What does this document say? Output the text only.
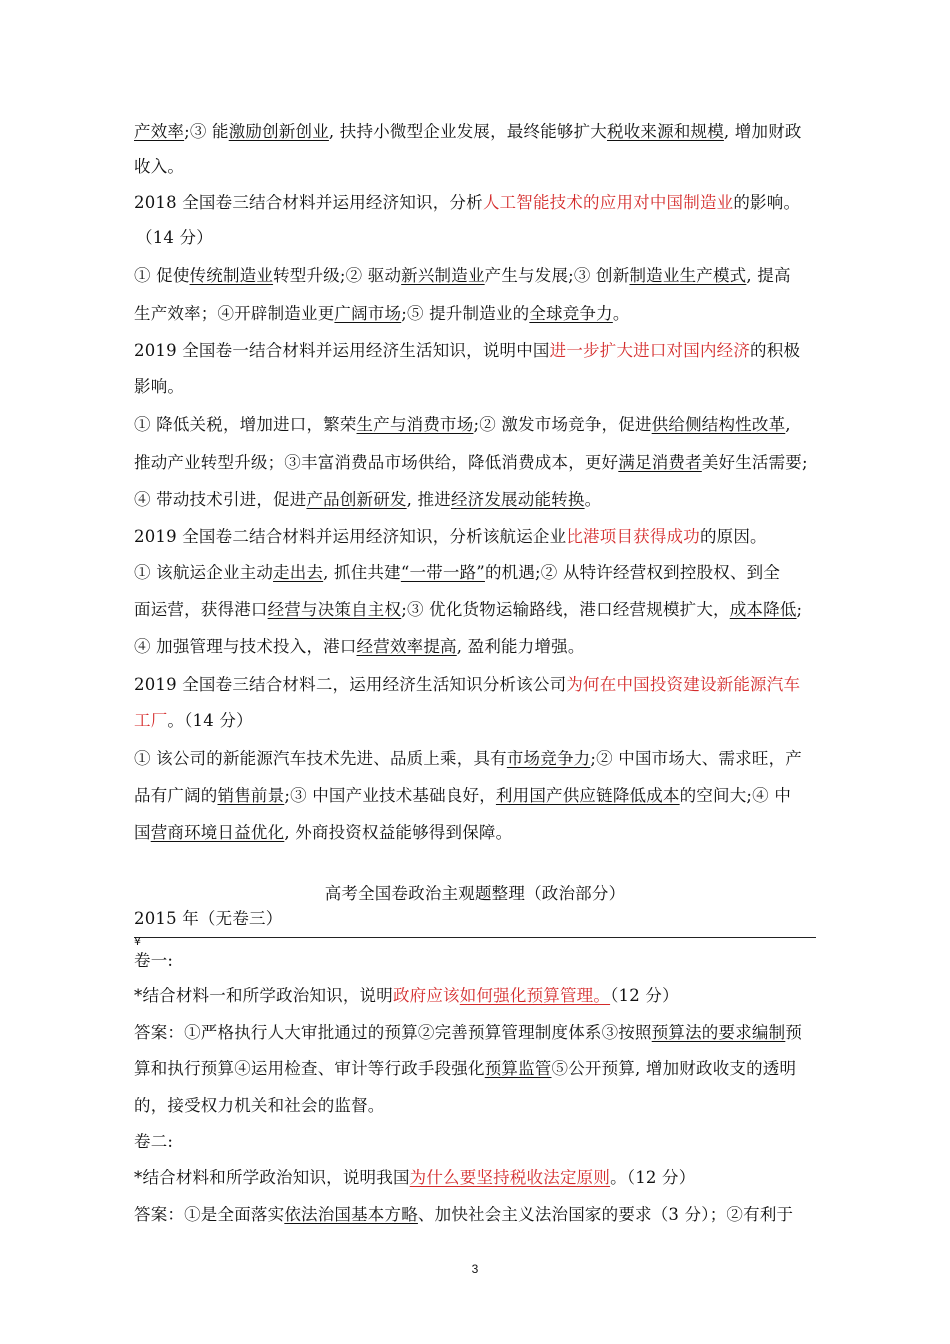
产效率;③ 能激励创新创业, 扶持小微型企业发展，最终能够扩大税收来源和规模, 增加财政
收入。
2018 全国卷三结合材料并运用经济知识，分析人工智能技术的应用对中国制造业的影响。
（14 分）
① 促使传统制造业转型升级;② 驱动新兴制造业产生与发展;③ 创新制造业生产模式, 提高
生产效率；④开辟制造业更广阔市场;⑤ 提升制造业的全球竞争力。
2019 全国卷一结合材料并运用经济生活知识，说明中国进一步扩大进口对国内经济的积极
影响。
① 降低关税，增加进口，繁荣生产与消费市场;② 激发市场竞争，促进供给侧结构性改革,
推动产业转型升级；③丰富消费品市场供给，降低消费成本，更好满足消费者美好生活需要;
④ 带动技术引进，促进产品创新研发, 推进经济发展动能转换。
2019 全国卷二结合材料并运用经济知识，分析该航运企业比港项目获得成功的原因。
① 该航运企业主动走出去, 抓住共建“一带一路”的机遇;② 从特许经营权到控股权、到全
面运营，获得港口经营与决策自主权;③ 优化货物运输路线，港口经营规模扩大，成本降低;
④ 加强管理与技术投入，港口经营效率提高, 盈利能力增强。
2019 全国卷三结合材料二，运用经济生活知识分析该公司为何在中国投资建设新能源汽车
工厂。（14 分）
① 该公司的新能源汽车技术先进、品质上乘，具有市场竞争力;② 中国市场大、需求旺，产
品有广阔的销售前景;③ 中国产业技术基础良好，利用国产供应链降低成本的空间大;④ 中
国营商环境日益优化, 外商投资权益能够得到保障。
高考全国卷政治主观题整理（政治部分）
2015 年（无卷三）
¥
卷一:
*结合材料一和所学政治知识，说明政府应该如何强化预算管理。（12 分）
答案：①严格执行人大审批通过的预算②完善预算管理制度体系③按照预算法的要求编制预
算和执行预算④运用检查、审计等行政手段强化预算监管⑤公开预算, 增加财政收支的透明
的，接受权力机关和社会的监督。
卷二:
*结合材料和所学政治知识，说明我国为什么要坚持税收法定原则。（12 分）
答案：①是全面落实依法治国基本方略、加快社会主义法治国家的要求（3 分）；②有利于
3
